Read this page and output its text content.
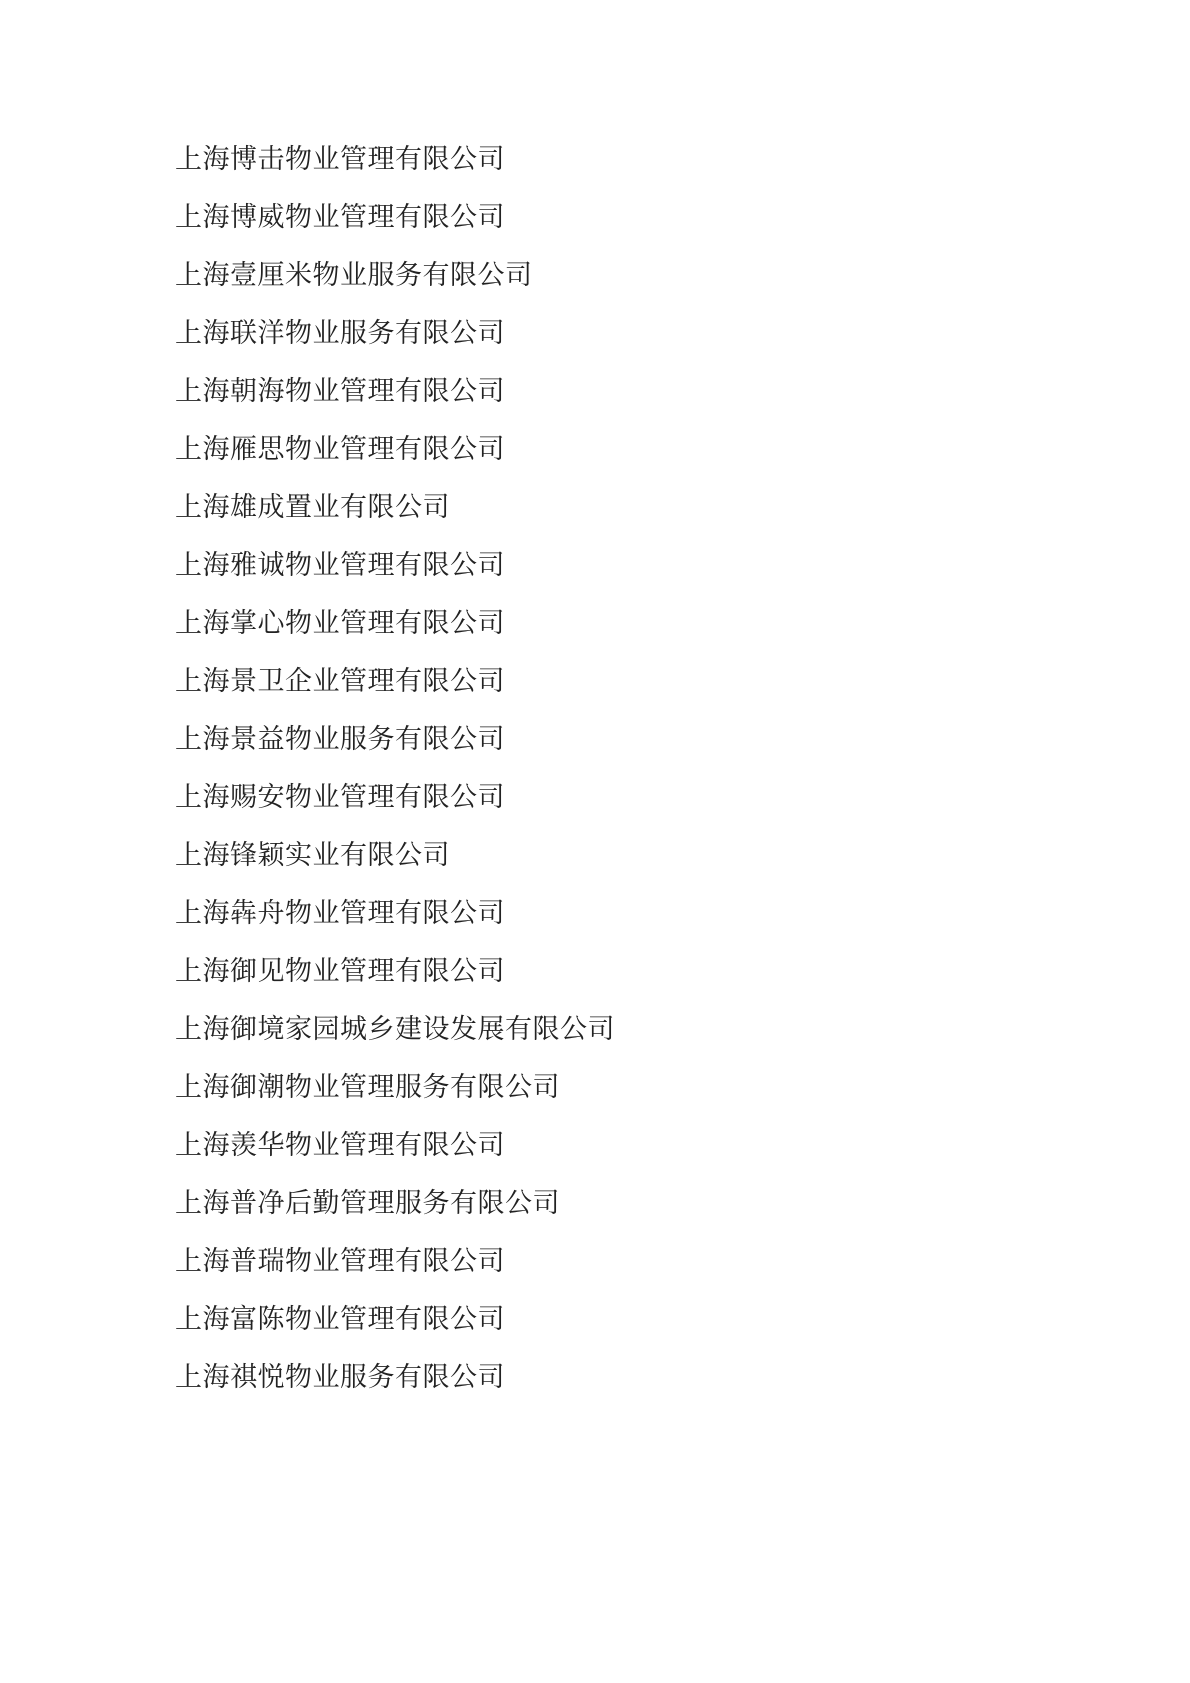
上海博击物业管理有限公司
上海博威物业管理有限公司
上海壹厘米物业服务有限公司
上海联洋物业服务有限公司
上海朝海物业管理有限公司
上海雁思物业管理有限公司
上海雄成置业有限公司
上海雅诚物业管理有限公司
上海掌心物业管理有限公司
上海景卫企业管理有限公司
上海景益物业服务有限公司
上海赐安物业管理有限公司
上海锋颖实业有限公司
上海犇舟物业管理有限公司
上海御见物业管理有限公司
上海御境家园城乡建设发展有限公司
上海御潮物业管理服务有限公司
上海羡华物业管理有限公司
上海普净后勤管理服务有限公司
上海普瑞物业管理有限公司
上海富陈物业管理有限公司
上海祺悦物业服务有限公司
